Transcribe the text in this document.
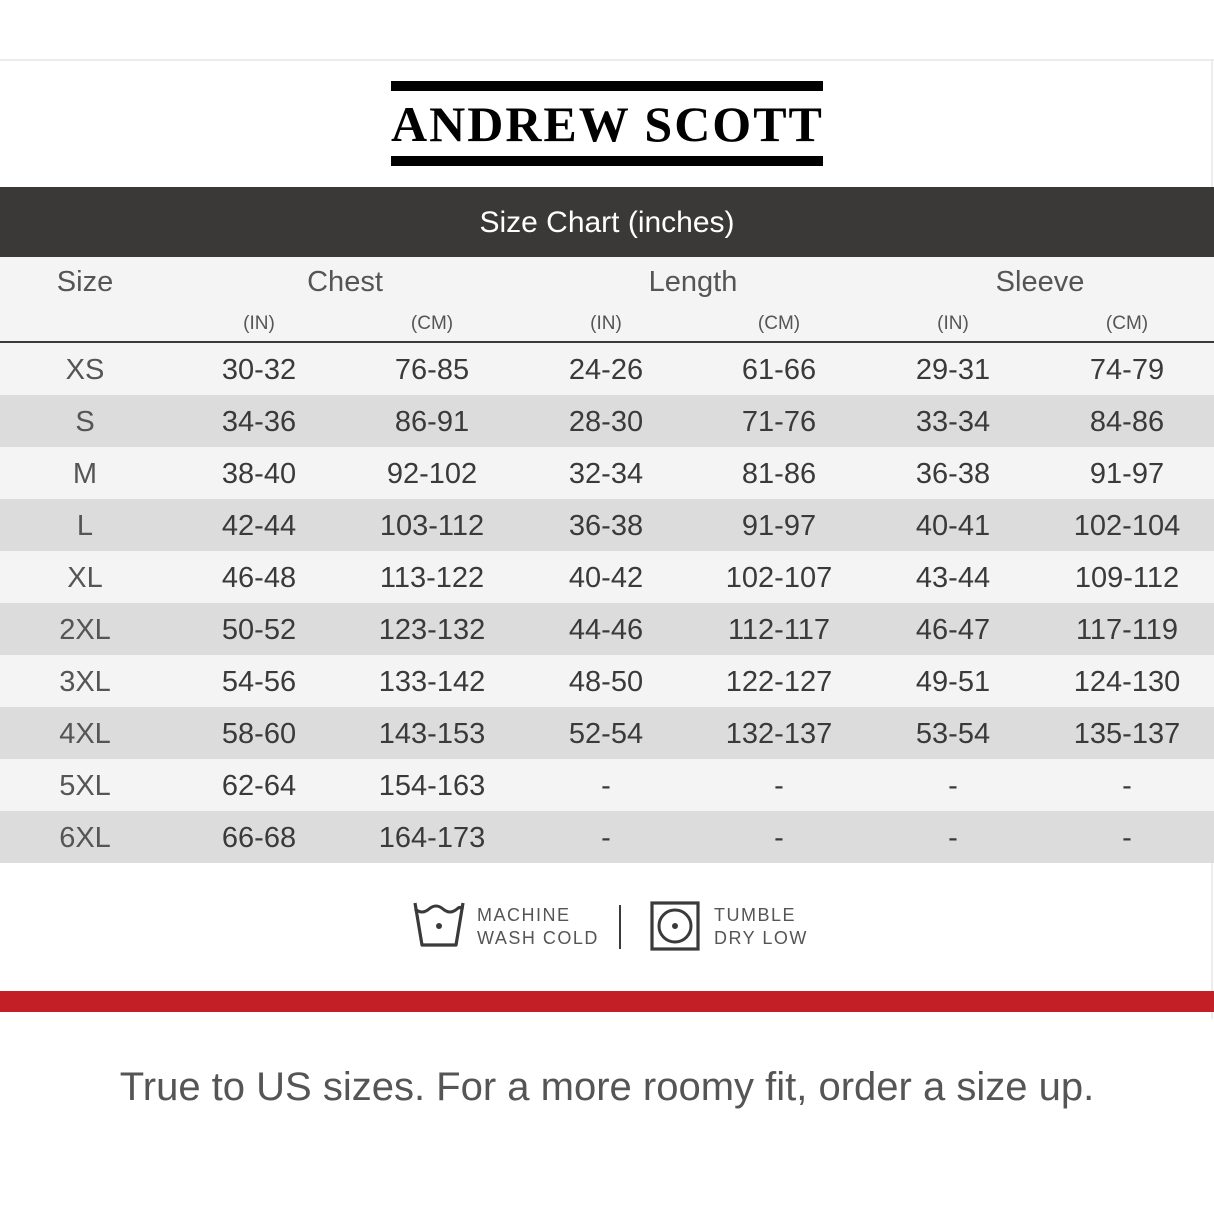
ANDREW SCOTT
Size Chart (inches)
Size	Chest	Length	Sleeve
(IN)	(CM)	(IN)	(CM)	(IN)	(CM)
XS	30-32	76-85	24-26	61-66	29-31	74-79
S	34-36	86-91	28-30	71-76	33-34	84-86
M	38-40	92-102	32-34	81-86	36-38	91-97
L	42-44	103-112	36-38	91-97	40-41	102-104
XL	46-48	113-122	40-42	102-107	43-44	109-112
2XL	50-52	123-132	44-46	112-117	46-47	117-119
3XL	54-56	133-142	48-50	122-127	49-51	124-130
4XL	58-60	143-153	52-54	132-137	53-54	135-137
5XL	62-64	154-163	-	-	-	-
6XL	66-68	164-173	-	-	-	-
MACHINE
WASH COLD
TUMBLE
DRY LOW
True to US sizes. For a more roomy fit, order a size up.
